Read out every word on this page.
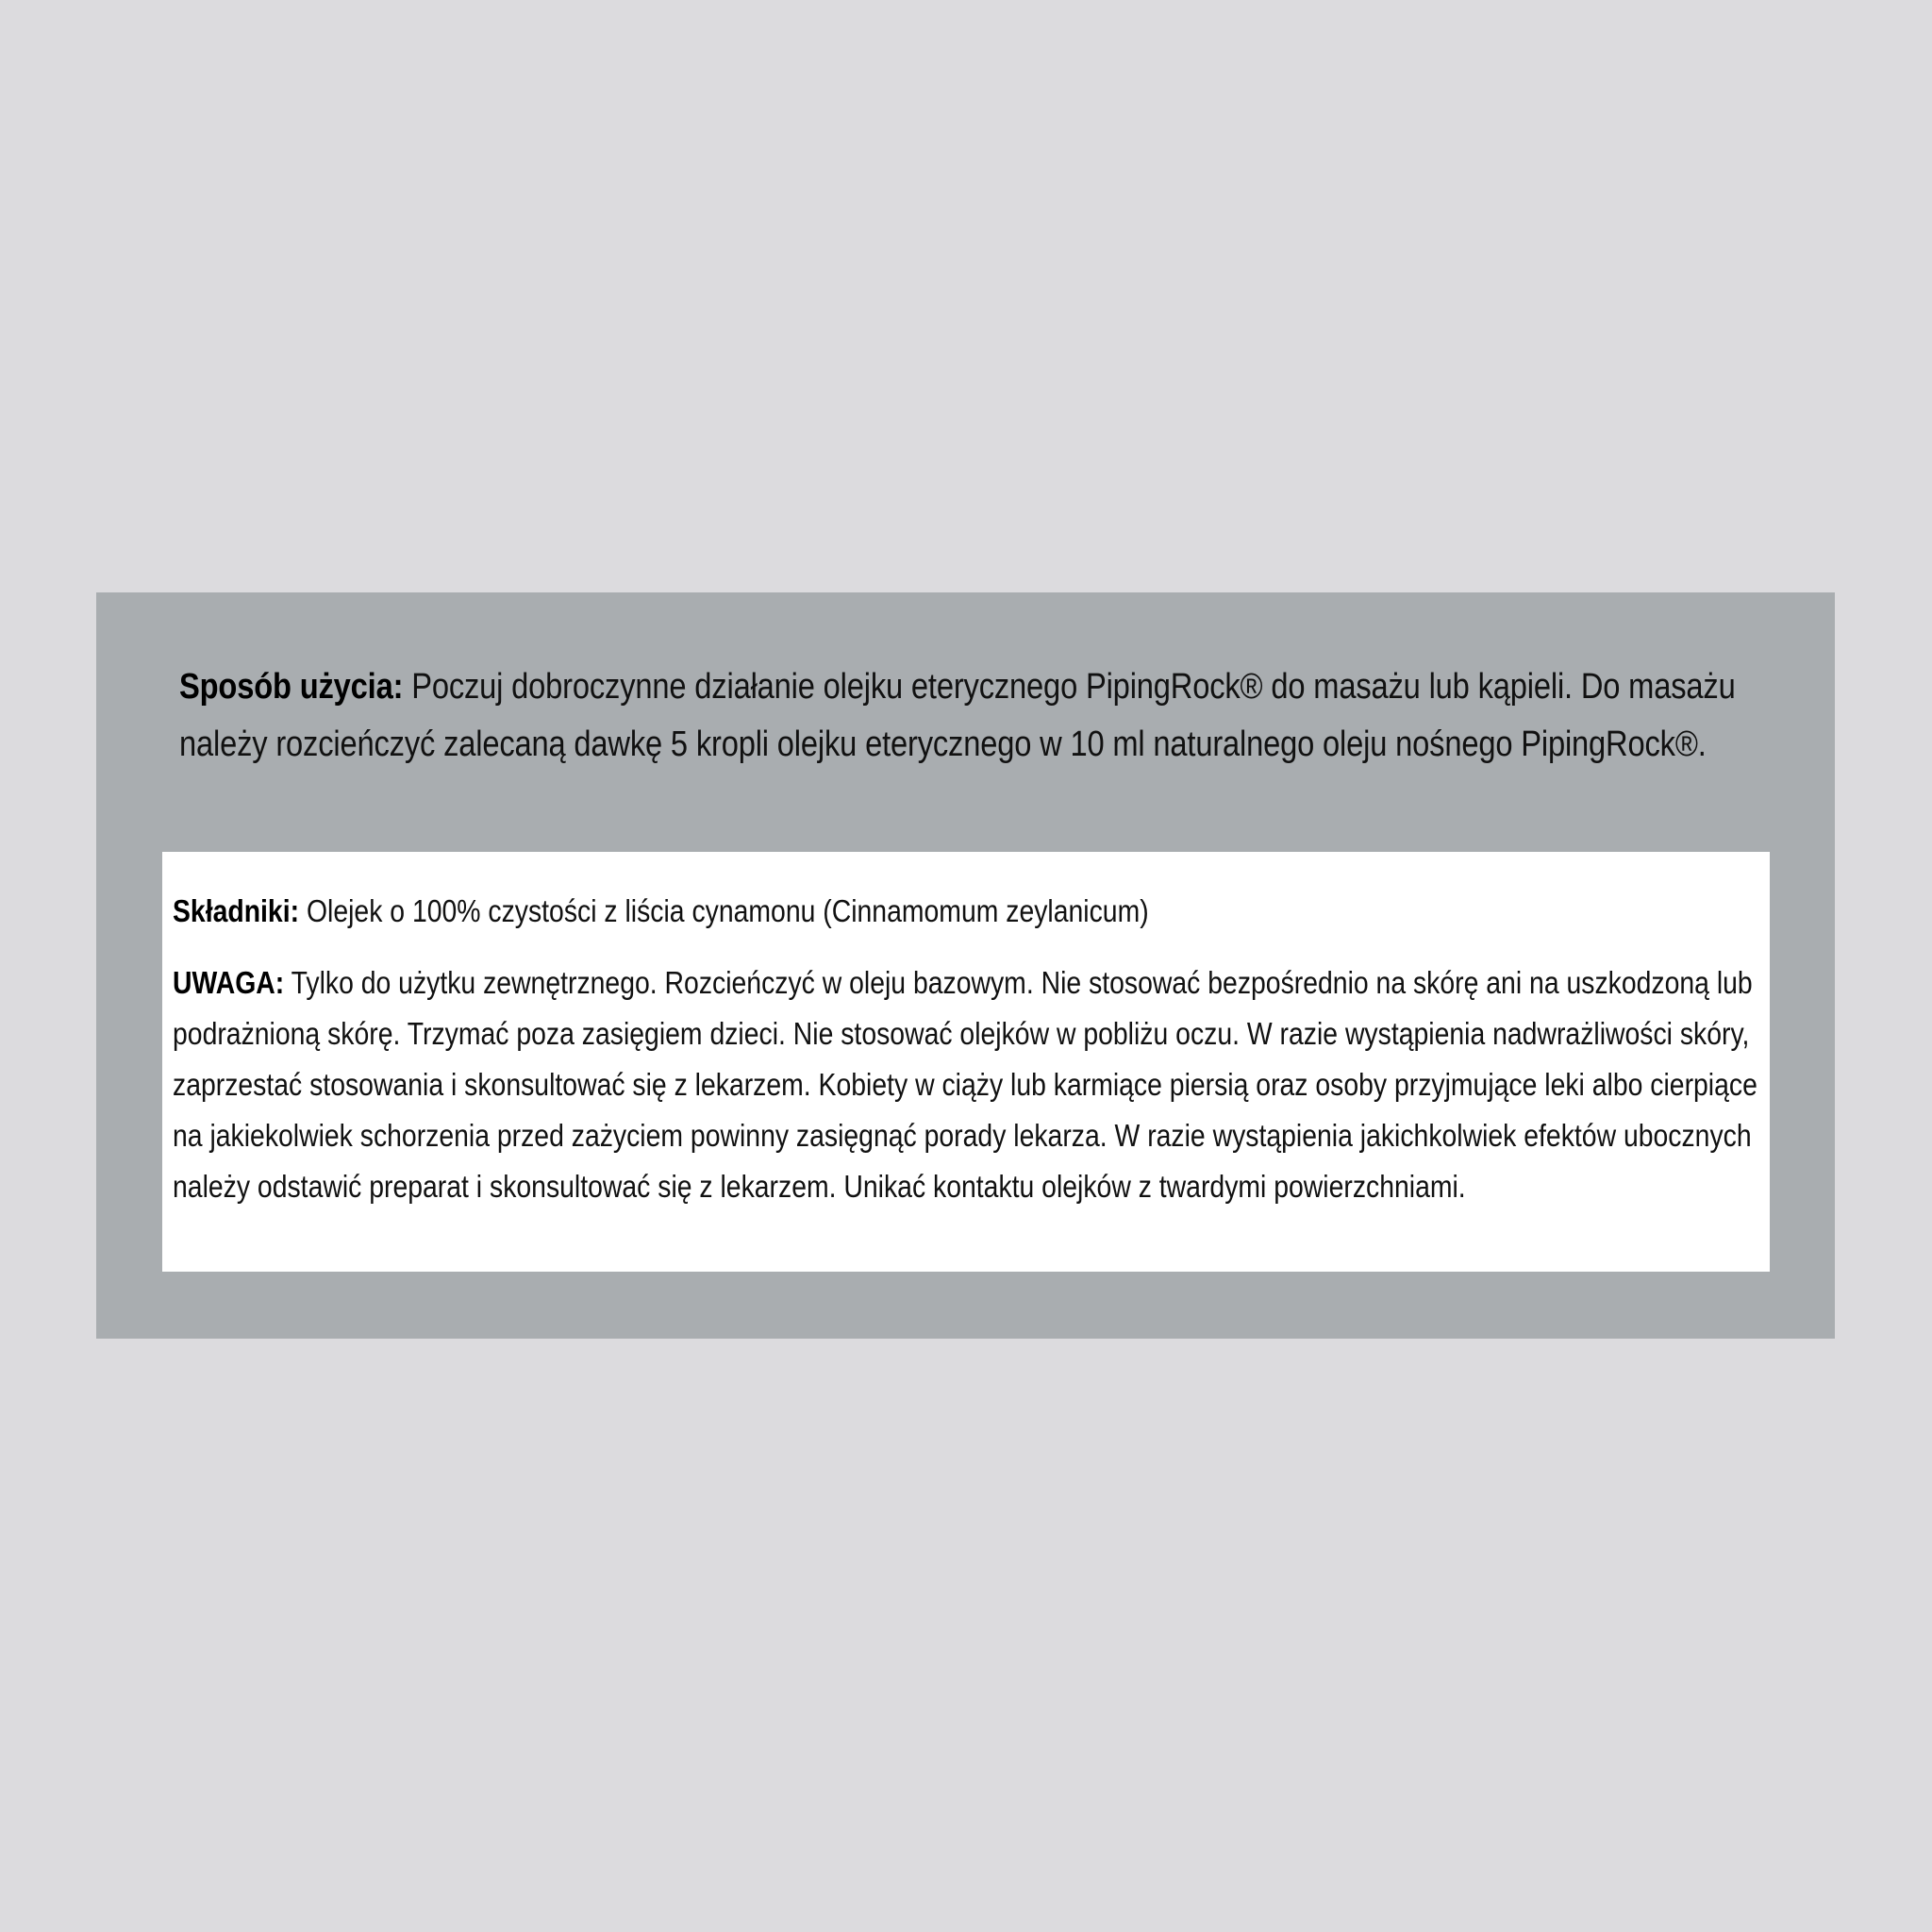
Sposób użycia: Poczuj dobroczynne działanie olejku eterycznego PipingRock® do masażu lub kąpieli. Do masażu należy rozcieńczyć zalecaną dawkę 5 kropli olejku eterycznego w 10 ml naturalnego oleju nośnego PipingRock®.

Składniki: Olejek o 100% czystości z liścia cynamonu (Cinnamomum zeylanicum)

UWAGA: Tylko do użytku zewnętrznego. Rozcieńczyć w oleju bazowym. Nie stosować bezpośrednio na skórę ani na uszkodzoną lub podrażnioną skórę. Trzymać poza zasięgiem dzieci. Nie stosować olejków w pobliżu oczu. W razie wystąpienia nadwrażliwości skóry, zaprzestać stosowania i skonsultować się z lekarzem. Kobiety w ciąży lub karmiące piersią oraz osoby przyjmujące leki albo cierpiące na jakiekolwiek schorzenia przed zażyciem powinny zasięgnąć porady lekarza. W razie wystąpienia jakichkolwiek efektów ubocznych należy odstawić preparat i skonsultować się z lekarzem. Unikać kontaktu olejków z twardymi powierzchniami.
